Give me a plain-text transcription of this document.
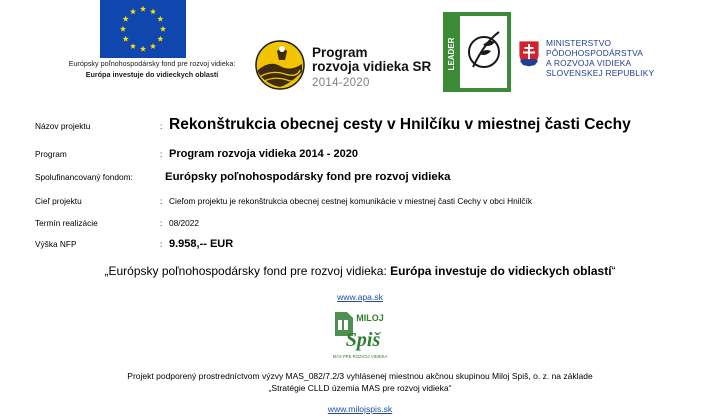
Európsky poľnohospodársky fond pre rozvoj vidieka:
Európa investuje do vidieckych oblastí
Program
rozvoja vidieka SR
2014-2020
LEADER	MINISTERSTVO
PÔDOHOSPODÁRSTVA
A ROZVOJA VIDIEKA
SLOVENSKEJ REPUBLIKY
Názov projektu	: Rekonštrukcia obecnej cesty v Hnilčíku v miestnej časti Cechy
Program	: Program rozvoja vidieka 2014 - 2020
Spolufinancovaný fondom:	Európsky poľnohospodársky fond pre rozvoj vidieka
Cieľ projektu	: Cieľom projektu je rekonštrukcia obecnej cestnej komunikácie v miestnej časti Cechy v obci Hnilčík
Termín realizácie	: 08/2022
Výška NFP	: 9.958,-- EUR
„Európsky poľnohospodársky fond pre rozvoj vidieka: Európa investuje do vidieckych oblastí“
www.apa.sk
MILOJ
Spiš
MAS PRE ROZVOJ VIDIEKA
Projekt podporený prostredníctvom výzvy MAS_082/7.2/3 vyhlásenej miestnou akčnou skupinou Miloj Spiš, o. z. na základe
„Stratégie CLLD územia MAS pre rozvoj vidieka“
www.milojspis.sk
